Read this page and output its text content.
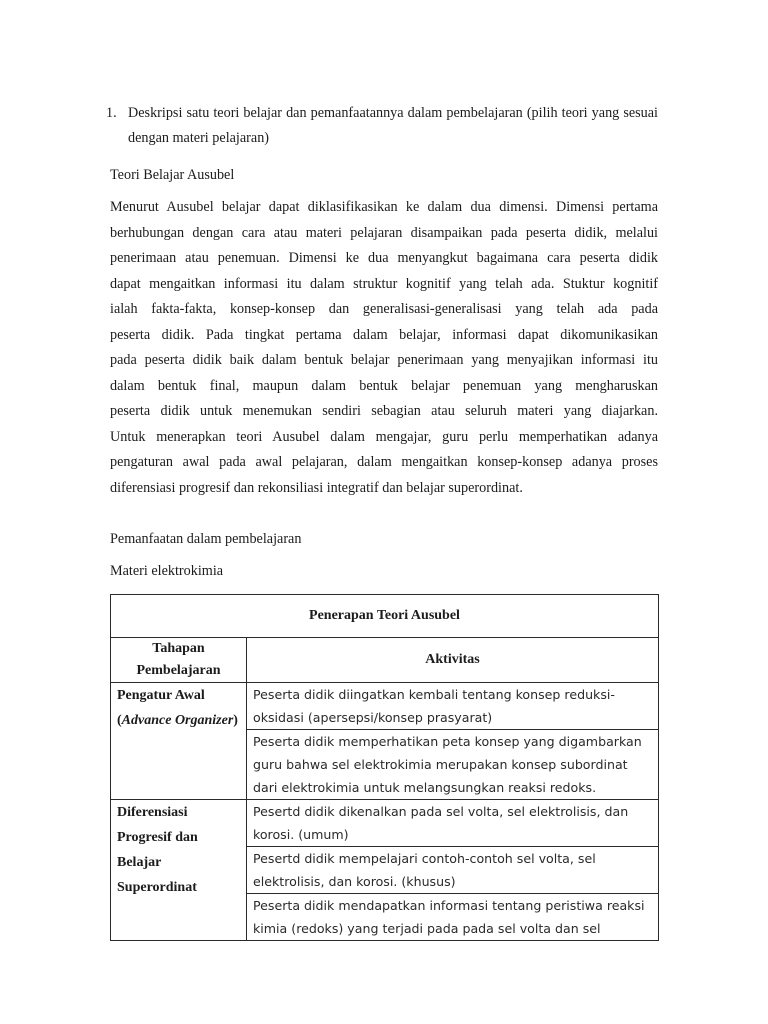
1. Deskripsi satu teori belajar dan pemanfaatannya dalam pembelajaran (pilih teori yang sesuai dengan materi pelajaran)
Teori Belajar Ausubel
Menurut Ausubel belajar dapat diklasifikasikan ke dalam dua dimensi. Dimensi pertama
berhubungan dengan cara atau materi pelajaran disampaikan pada peserta didik, melalui
penerimaan atau penemuan. Dimensi ke dua menyangkut bagaimana cara peserta didik
dapat mengaitkan informasi itu dalam struktur kognitif yang telah ada. Stuktur kognitif
ialah fakta-fakta, konsep-konsep dan generalisasi-generalisasi yang telah ada pada
peserta didik. Pada tingkat pertama dalam belajar, informasi dapat dikomunikasikan
pada peserta didik baik dalam bentuk belajar penerimaan yang menyajikan informasi itu
dalam bentuk final, maupun dalam bentuk belajar penemuan yang mengharuskan
peserta didik untuk menemukan sendiri sebagian atau seluruh materi yang diajarkan.
Untuk menerapkan teori Ausubel dalam mengajar, guru perlu memperhatikan adanya
pengaturan awal pada awal pelajaran, dalam mengaitkan konsep-konsep adanya proses
diferensiasi progresif dan rekonsiliasi integratif dan belajar superordinat.
Pemanfaatan dalam pembelajaran
Materi elektrokimia
Penerapan Teori Ausubel	
Tahapan Pembelajaran	Aktivitas
Pengatur Awal
(Advance Organizer)	Peserta didik diingatkan kembali tentang konsep reduksi-oksidasi (apersepsi/konsep prasyarat)
	Peserta didik memperhatikan peta konsep yang digambarkan guru bahwa sel elektrokimia merupakan konsep subordinat dari elektrokimia untuk melangsungkan reaksi redoks.
Diferensiasi Progresif dan Belajar Superordinat	Pesertd didik dikenalkan pada sel volta, sel elektrolisis, dan korosi. (umum)
	Pesertd didik mempelajari contoh-contoh sel volta, sel elektrolisis, dan korosi. (khusus)
	Peserta didik mendapatkan informasi tentang peristiwa reaksi kimia (redoks) yang terjadi pada pada sel volta dan sel
